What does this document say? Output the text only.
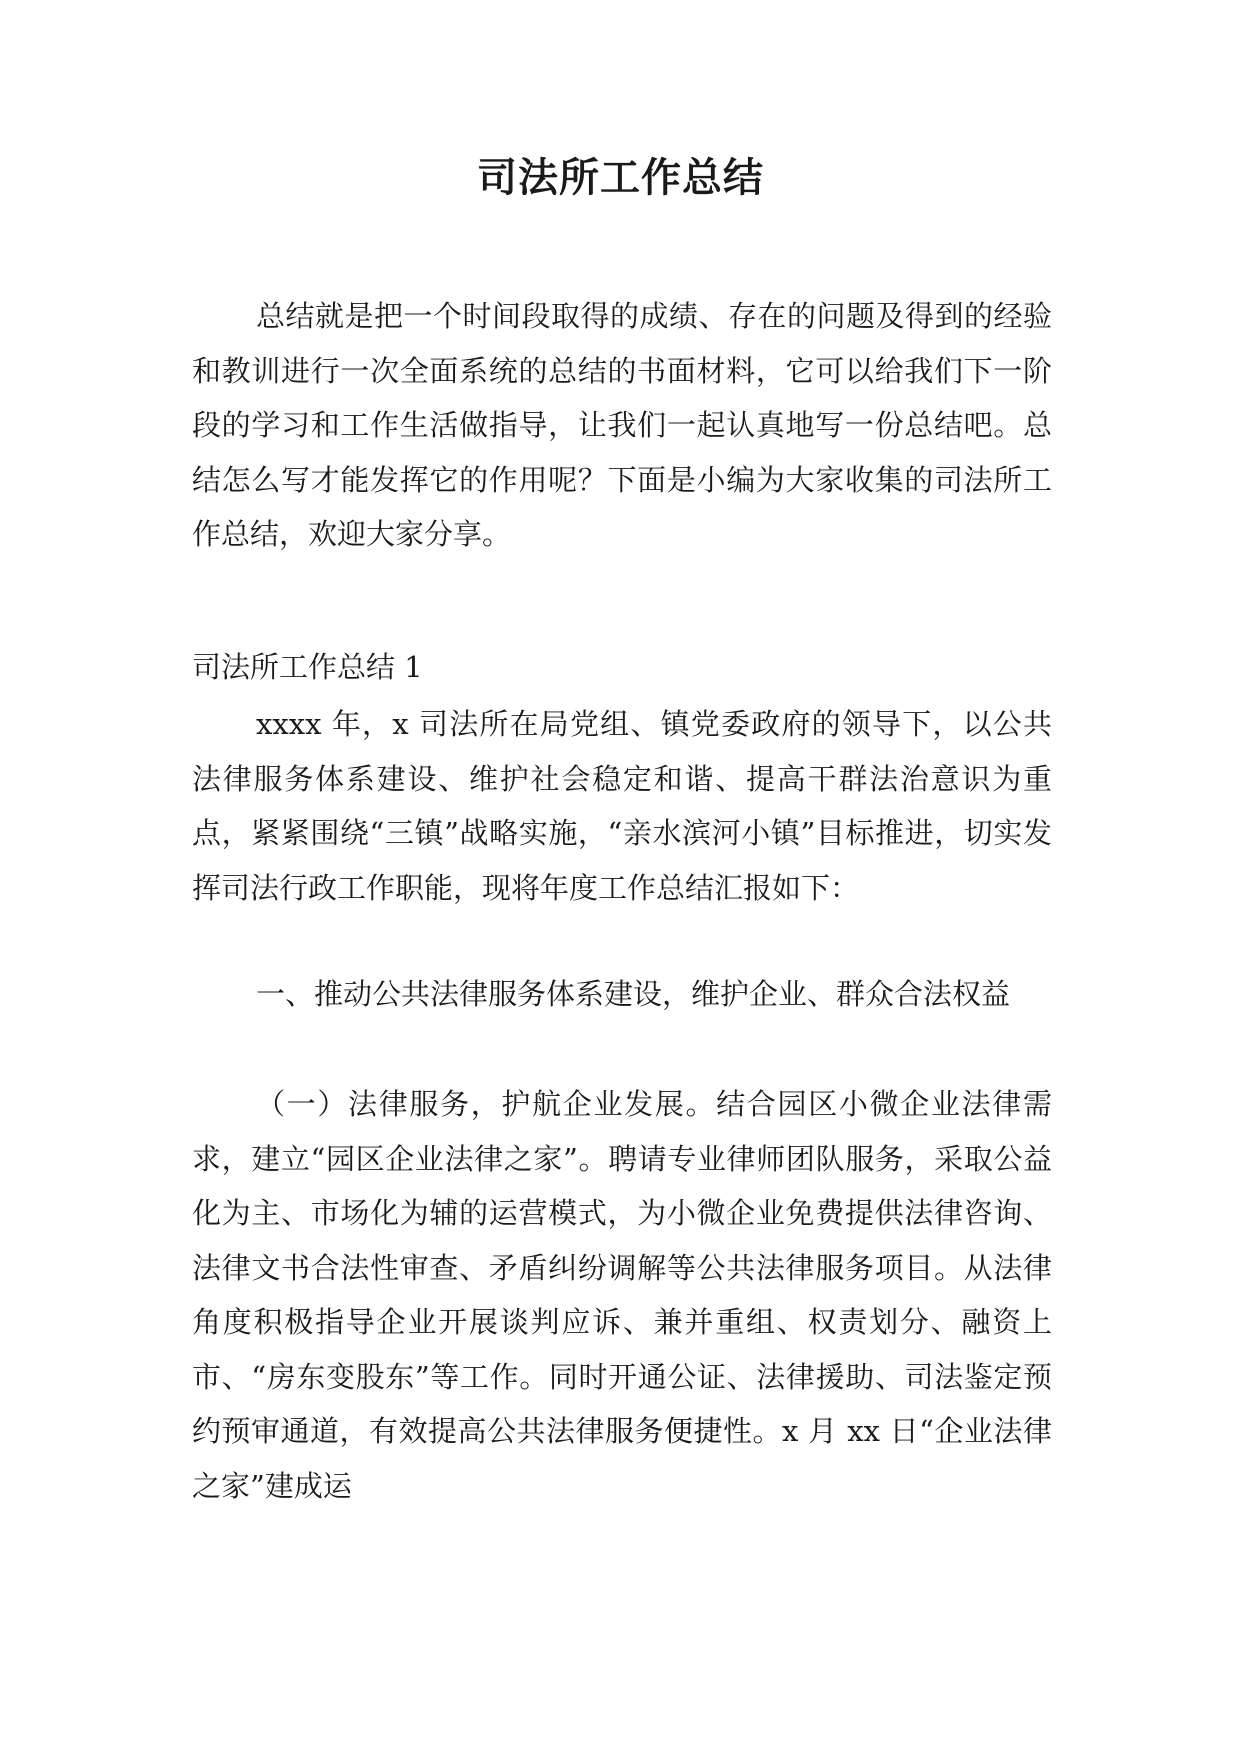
司法所工作总结

总结就是把一个时间段取得的成绩、存在的问题及得到的经验和教训进行一次全面系统的总结的书面材料，它可以给我们下一阶段的学习和工作生活做指导，让我们一起认真地写一份总结吧。总结怎么写才能发挥它的作用呢？下面是小编为大家收集的司法所工作总结，欢迎大家分享。

司法所工作总结 1

xxxx 年，x 司法所在局党组、镇党委政府的领导下，以公共法律服务体系建设、维护社会稳定和谐、提高干群法治意识为重点，紧紧围绕“三镇”战略实施，“亲水滨河小镇”目标推进，切实发挥司法行政工作职能，现将年度工作总结汇报如下：

一、推动公共法律服务体系建设，维护企业、群众合法权益

（一）法律服务，护航企业发展。结合园区小微企业法律需求，建立“园区企业法律之家”。聘请专业律师团队服务，采取公益化为主、市场化为辅的运营模式，为小微企业免费提供法律咨询、法律文书合法性审查、矛盾纠纷调解等公共法律服务项目。从法律角度积极指导企业开展谈判应诉、兼并重组、权责划分、融资上市、“房东变股东”等工作。同时开通公证、法律援助、司法鉴定预约预审通道，有效提高公共法律服务便捷性。x 月 xx 日“企业法律之家”建成运
